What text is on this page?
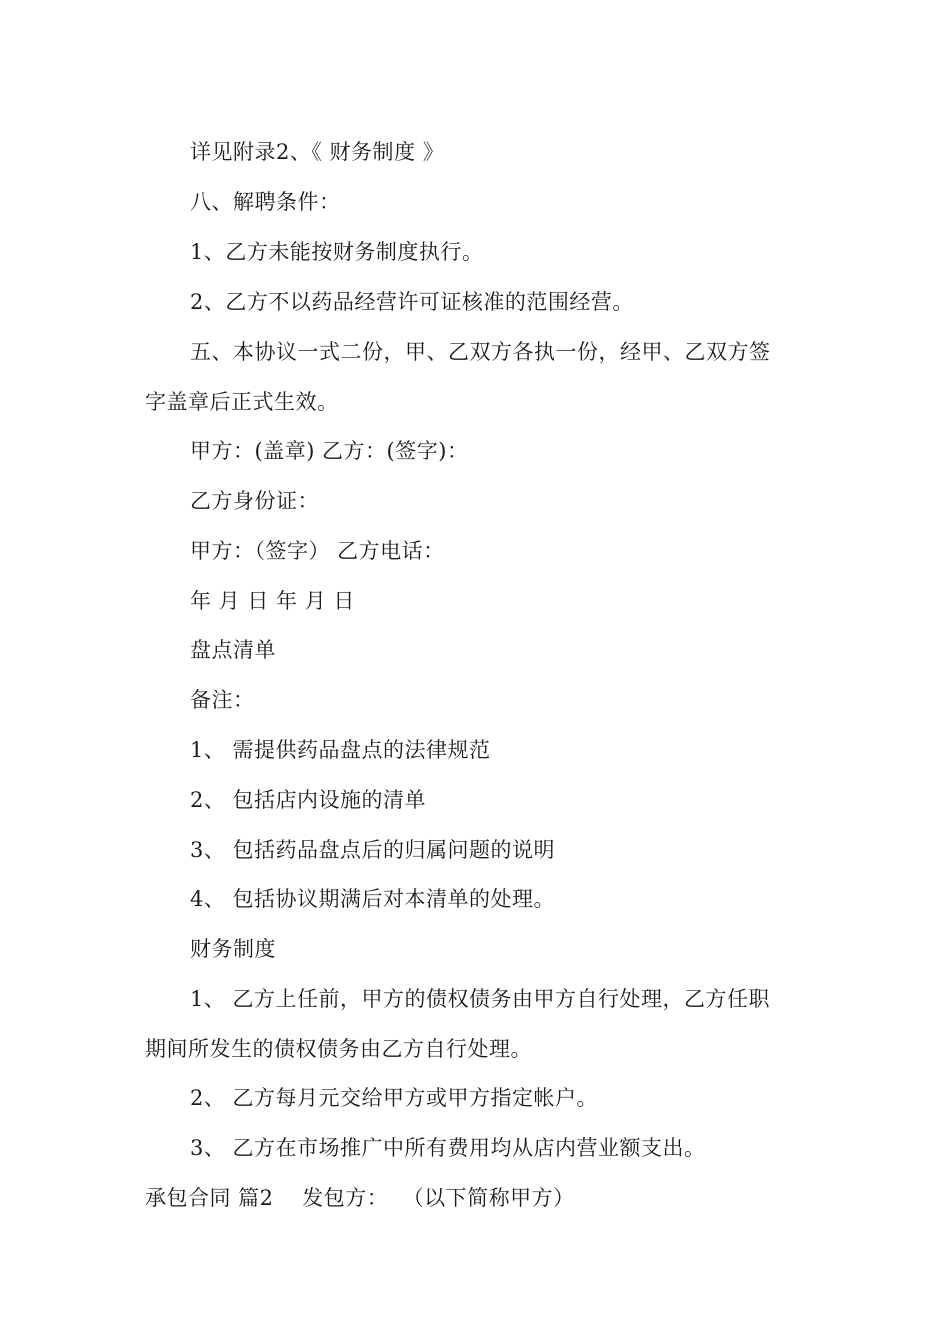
详见附录2、《 财务制度 》
八、解聘条件：
1、乙方未能按财务制度执行。
2、乙方不以药品经营许可证核准的范围经营。
五、本协议一式二份，甲、乙双方各执一份，经甲、乙双方签
字盖章后正式生效。
甲方：(盖章) 乙方：(签字)：
乙方身份证：
甲方：（签字） 乙方电话：
年 月 日 年 月 日
盘点清单
备注：
1、 需提供药品盘点的法律规范
2、 包括店内设施的清单
3、 包括药品盘点后的归属问题的说明
4、 包括协议期满后对本清单的处理。
财务制度
1、 乙方上任前，甲方的债权债务由甲方自行处理，乙方任职
期间所发生的债权债务由乙方自行处理。
2、 乙方每月元交给甲方或甲方指定帐户。
3、 乙方在市场推广中所有费用均从店内营业额支出。
承包合同 篇2    发包方：  （以下简称甲方）
